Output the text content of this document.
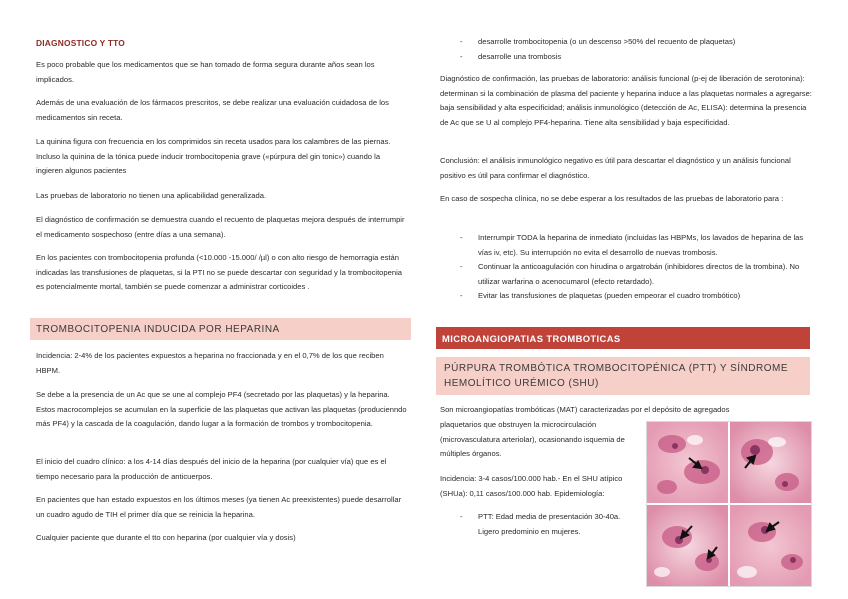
DIAGNOSTICO Y TTO

Es poco probable que los medicamentos que se han tomado de forma segura durante años sean los implicados.

Además de una evaluación de los fármacos prescritos, se debe realizar una evaluación cuidadosa de los medicamentos sin receta.

La quinina figura con frecuencia en los comprimidos sin receta usados para los calambres de las piernas. Incluso la quinina de la tónica puede inducir trombocitopenia grave («púrpura del gin tonic») cuando la ingieren algunos pacientes

Las pruebas de laboratorio no tienen una aplicabilidad generalizada.

El diagnóstico de confirmación se demuestra cuando el recuento de plaquetas mejora después de interrumpir el medicamento sospechoso (entre días a una semana).

En los pacientes con trombocitopenia profunda (<10.000 -15.000/ /µl) o con alto riesgo de hemorragia están indicadas las transfusiones de plaquetas, si la PTI no se puede descartar con seguridad y la trombocitopenia es potencialmente mortal, también se puede comenzar a administrar corticoides .

TROMBOCITOPENIA INDUCIDA POR HEPARINA

Incidencia: 2-4% de los pacientes expuestos a heparina no fraccionada y en el 0,7% de los que reciben HBPM.

Se debe a la presencia de un Ac que se une al complejo PF4 (secretado por las plaquetas) y la heparina. Estos macrocomplejos se acumulan en la superficie de las plaquetas que activan las plaquetas (producienndo más PF4) y la cascada de la coagulación, dando lugar a la formación de trombos y trombocitopenia.

El inicio del cuadro clínico: a los 4-14 días después del inicio de la heparina (por cualquier vía) que es el tiempo necesario para la producción de anticuerpos.

En pacientes que han estado expuestos en los últimos meses (ya tienen Ac preexistentes) puede desarrollar un cuadro agudo de TIH el primer día que se reinicia la heparina.

Cualquier paciente que durante el tto con heparina (por cualquier vía y dosis)

- desarrolle trombocitopenia (o un descenso >50% del recuento de plaquetas)
- desarrolle una trombosis

Diagnóstico de confirmación, las pruebas de laboratorio: análisis funcional (p-ej de liberación de serotonina): determinan si la combinación de plasma del paciente y heparina induce a las plaquetas normales a agregarse: baja sensibilidad y alta especificidad; análisis inmunológico (detección de Ac, ELISA): determina la presencia de Ac que se U al complejo PF4-heparina. Tiene alta sensibilidad y baja especificidad.

Conclusión: el análisis inmunológico negativo es útil para descartar el diagnóstico y un análisis funcional positivo es útil para confirmar el diagnóstico.

En caso de sospecha clínica, no se debe esperar a los resultados de las pruebas de laboratorio para :

- Interrumpir TODA la heparina de inmediato (incluidas las HBPMs, los lavados de heparina de las vías iv, etc). Su interrupción no evita el desarrollo de nuevas trombosis.
- Continuar la anticoagulación con hirudina o argatrobán (inhibidores directos de la trombina). No utilizar warfarina o acenocumarol (efecto retardado).
- Evitar las transfusiones de plaquetas (pueden empeorar el cuadro trombótico)
MICROANGIOPATIAS TROMBOTICAS
PÚRPURA TROMBÓTICA TROMBOCITOPÉNICA (PTT) Y SÍNDROME HEMOLÍTICO URÉMICO (SHU)

Son microangiopatías trombóticas (MAT) caracterizadas por el depósito de agregados

plaquetarios que obstruyen la microcirculación (microvasculatura arteriolar), ocasionando isquemia de múltiples órganos.

Incidencia: 3-4 casos/100.000 hab.- En el SHU atípico (SHUa): 0,11 casos/100.000 hab. Epidemiología:

- PTT: Edad media de presentación 30-40a. Ligero predominio en mujeres.
